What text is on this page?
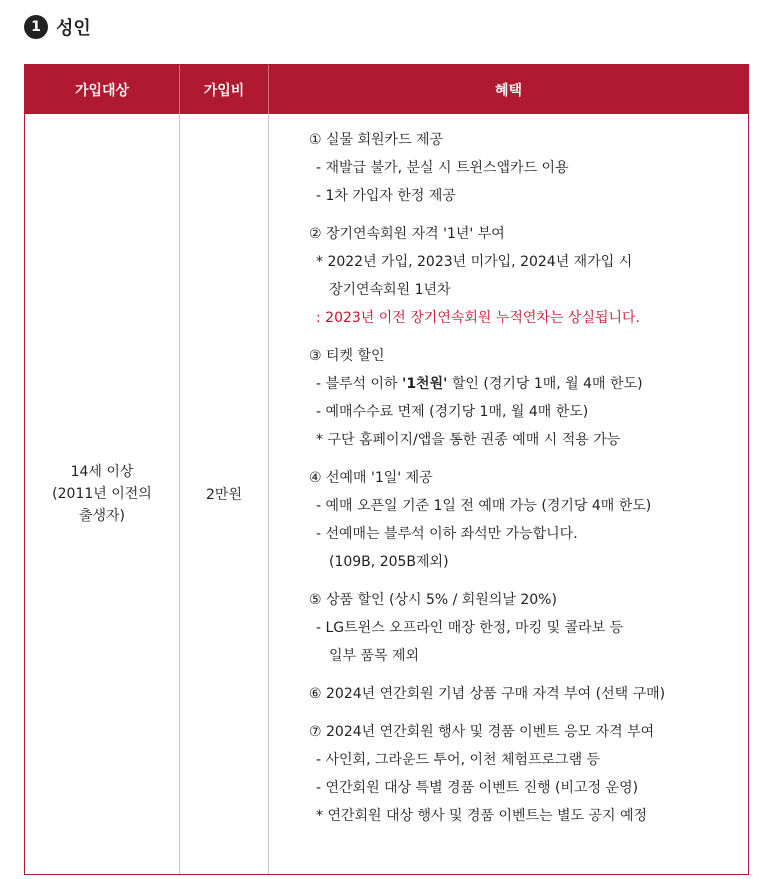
1 성인
가입대상	가입비	혜택
14세 이상
(2011년 이전의
출생자)
2만원
① 실물 회원카드 제공
- 재발급 불가, 분실 시 트윈스앱카드 이용
- 1차 가입자 한정 제공
② 장기연속회원 자격 '1년' 부여
* 2022년 가입, 2023년 미가입, 2024년 재가입 시
장기연속회원 1년차
: 2023년 이전 장기연속회원 누적연차는 상실됩니다.
③ 티켓 할인
- 블루석 이하 '1천원' 할인 (경기당 1매, 월 4매 한도)
- 예매수수료 면제 (경기당 1매, 월 4매 한도)
* 구단 홈페이지/앱을 통한 권종 예매 시 적용 가능
④ 선예매 '1일' 제공
- 예매 오픈일 기준 1일 전 예매 가능 (경기당 4매 한도)
- 선예매는 블루석 이하 좌석만 가능합니다.
(109B, 205B제외)
⑤ 상품 할인 (상시 5% / 회원의날 20%)
- LG트윈스 오프라인 매장 한정, 마킹 및 콜라보 등
일부 품목 제외
⑥ 2024년 연간회원 기념 상품 구매 자격 부여 (선택 구매)
⑦ 2024년 연간회원 행사 및 경품 이벤트 응모 자격 부여
- 사인회, 그라운드 투어, 이천 체험프로그램 등
- 연간회원 대상 특별 경품 이벤트 진행 (비고정 운영)
* 연간회원 대상 행사 및 경품 이벤트는 별도 공지 예정
